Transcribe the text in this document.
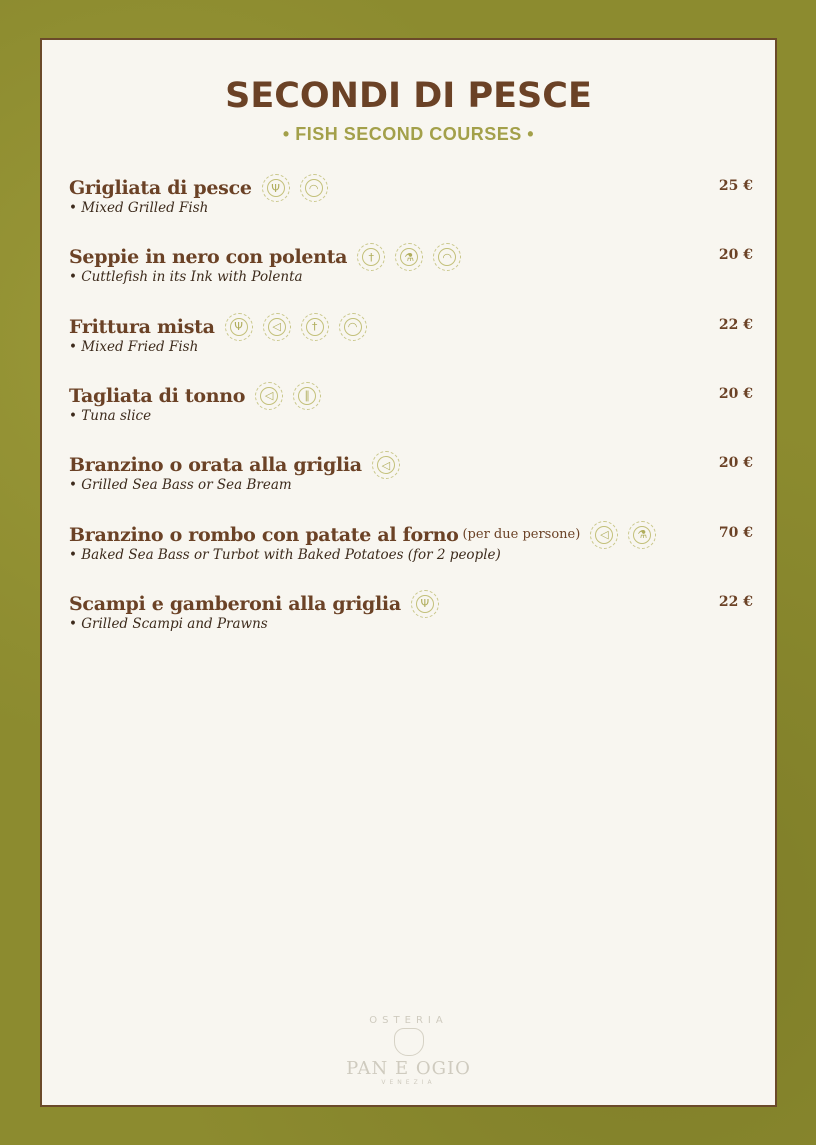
SECONDI DI PESCE
• FISH SECOND COURSES •
Grigliata di pesce	Ψ	◠	25 €
• Mixed Grilled Fish
Seppie in nero con polenta	†	⚗	◠	20 €
• Cuttlefish in its Ink with Polenta
Frittura mista	Ψ	◁	†	◠	22 €
• Mixed Fried Fish
Tagliata di tonno	◁	∥	20 €
• Tuna slice
Branzino o orata alla griglia	◁	20 €
• Grilled Sea Bass or Sea Bream
Branzino o rombo con patate al forno (per due persone)	◁	⚗	70 €
• Baked Sea Bass or Turbot with Baked Potatoes (for 2 people)
Scampi e gamberoni alla griglia	Ψ	22 €
• Grilled Scampi and Prawns
OSTERIA
PAN E OGIO
VENEZIA
